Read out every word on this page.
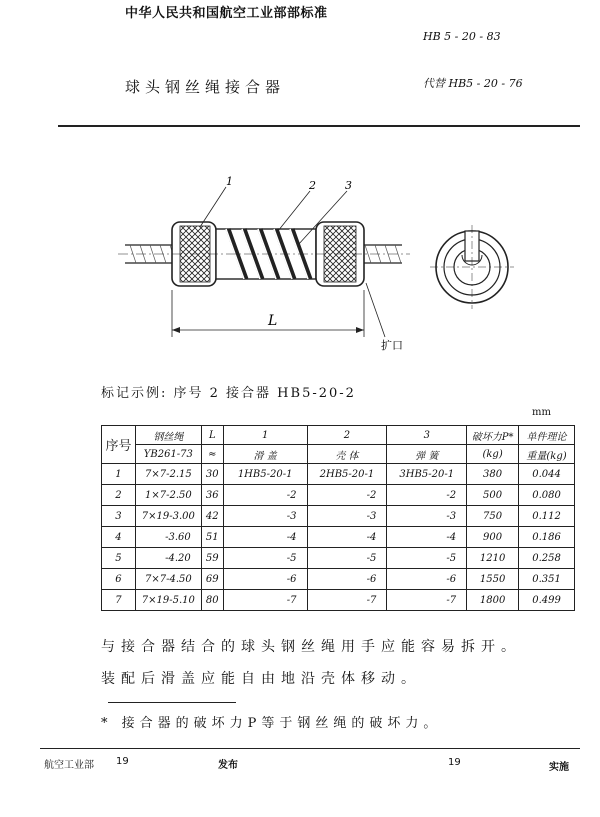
中华人民共和国航空工业部部标准
HB 5 - 20 - 83
球头钢丝绳接合器	代替 HB5 - 20 - 76
1	2	3
L
扩口
标记示例: 序号 2 接合器 HB5-20-2
mm
序号	钢丝绳	L	1	2	3	破坏力P*	单件理论
	YB261-73	≈	滑 盖	壳 体	弹 簧	(kg)	重量(kg)
1	7×7-2.15	30	1HB5-20-1	2HB5-20-1	3HB5-20-1	380	0.044
2	1×7-2.50	36	-2	-2	-2	500	0.080
3	7×19-3.00	42	-3	-3	-3	750	0.112
4	-3.60	51	-4	-4	-4	900	0.186
5	-4.20	59	-5	-5	-5	1210	0.258
6	7×7-4.50	69	-6	-6	-6	1550	0.351
7	7×19-5.10	80	-7	-7	-7	1800	0.499
与接合器结合的球头钢丝绳用手应能容易拆开。
装配后滑盖应能自由地沿壳体移动。
* 接合器的破坏力P等于钢丝绳的破坏力。
航空工业部 19	发布	19	实施
